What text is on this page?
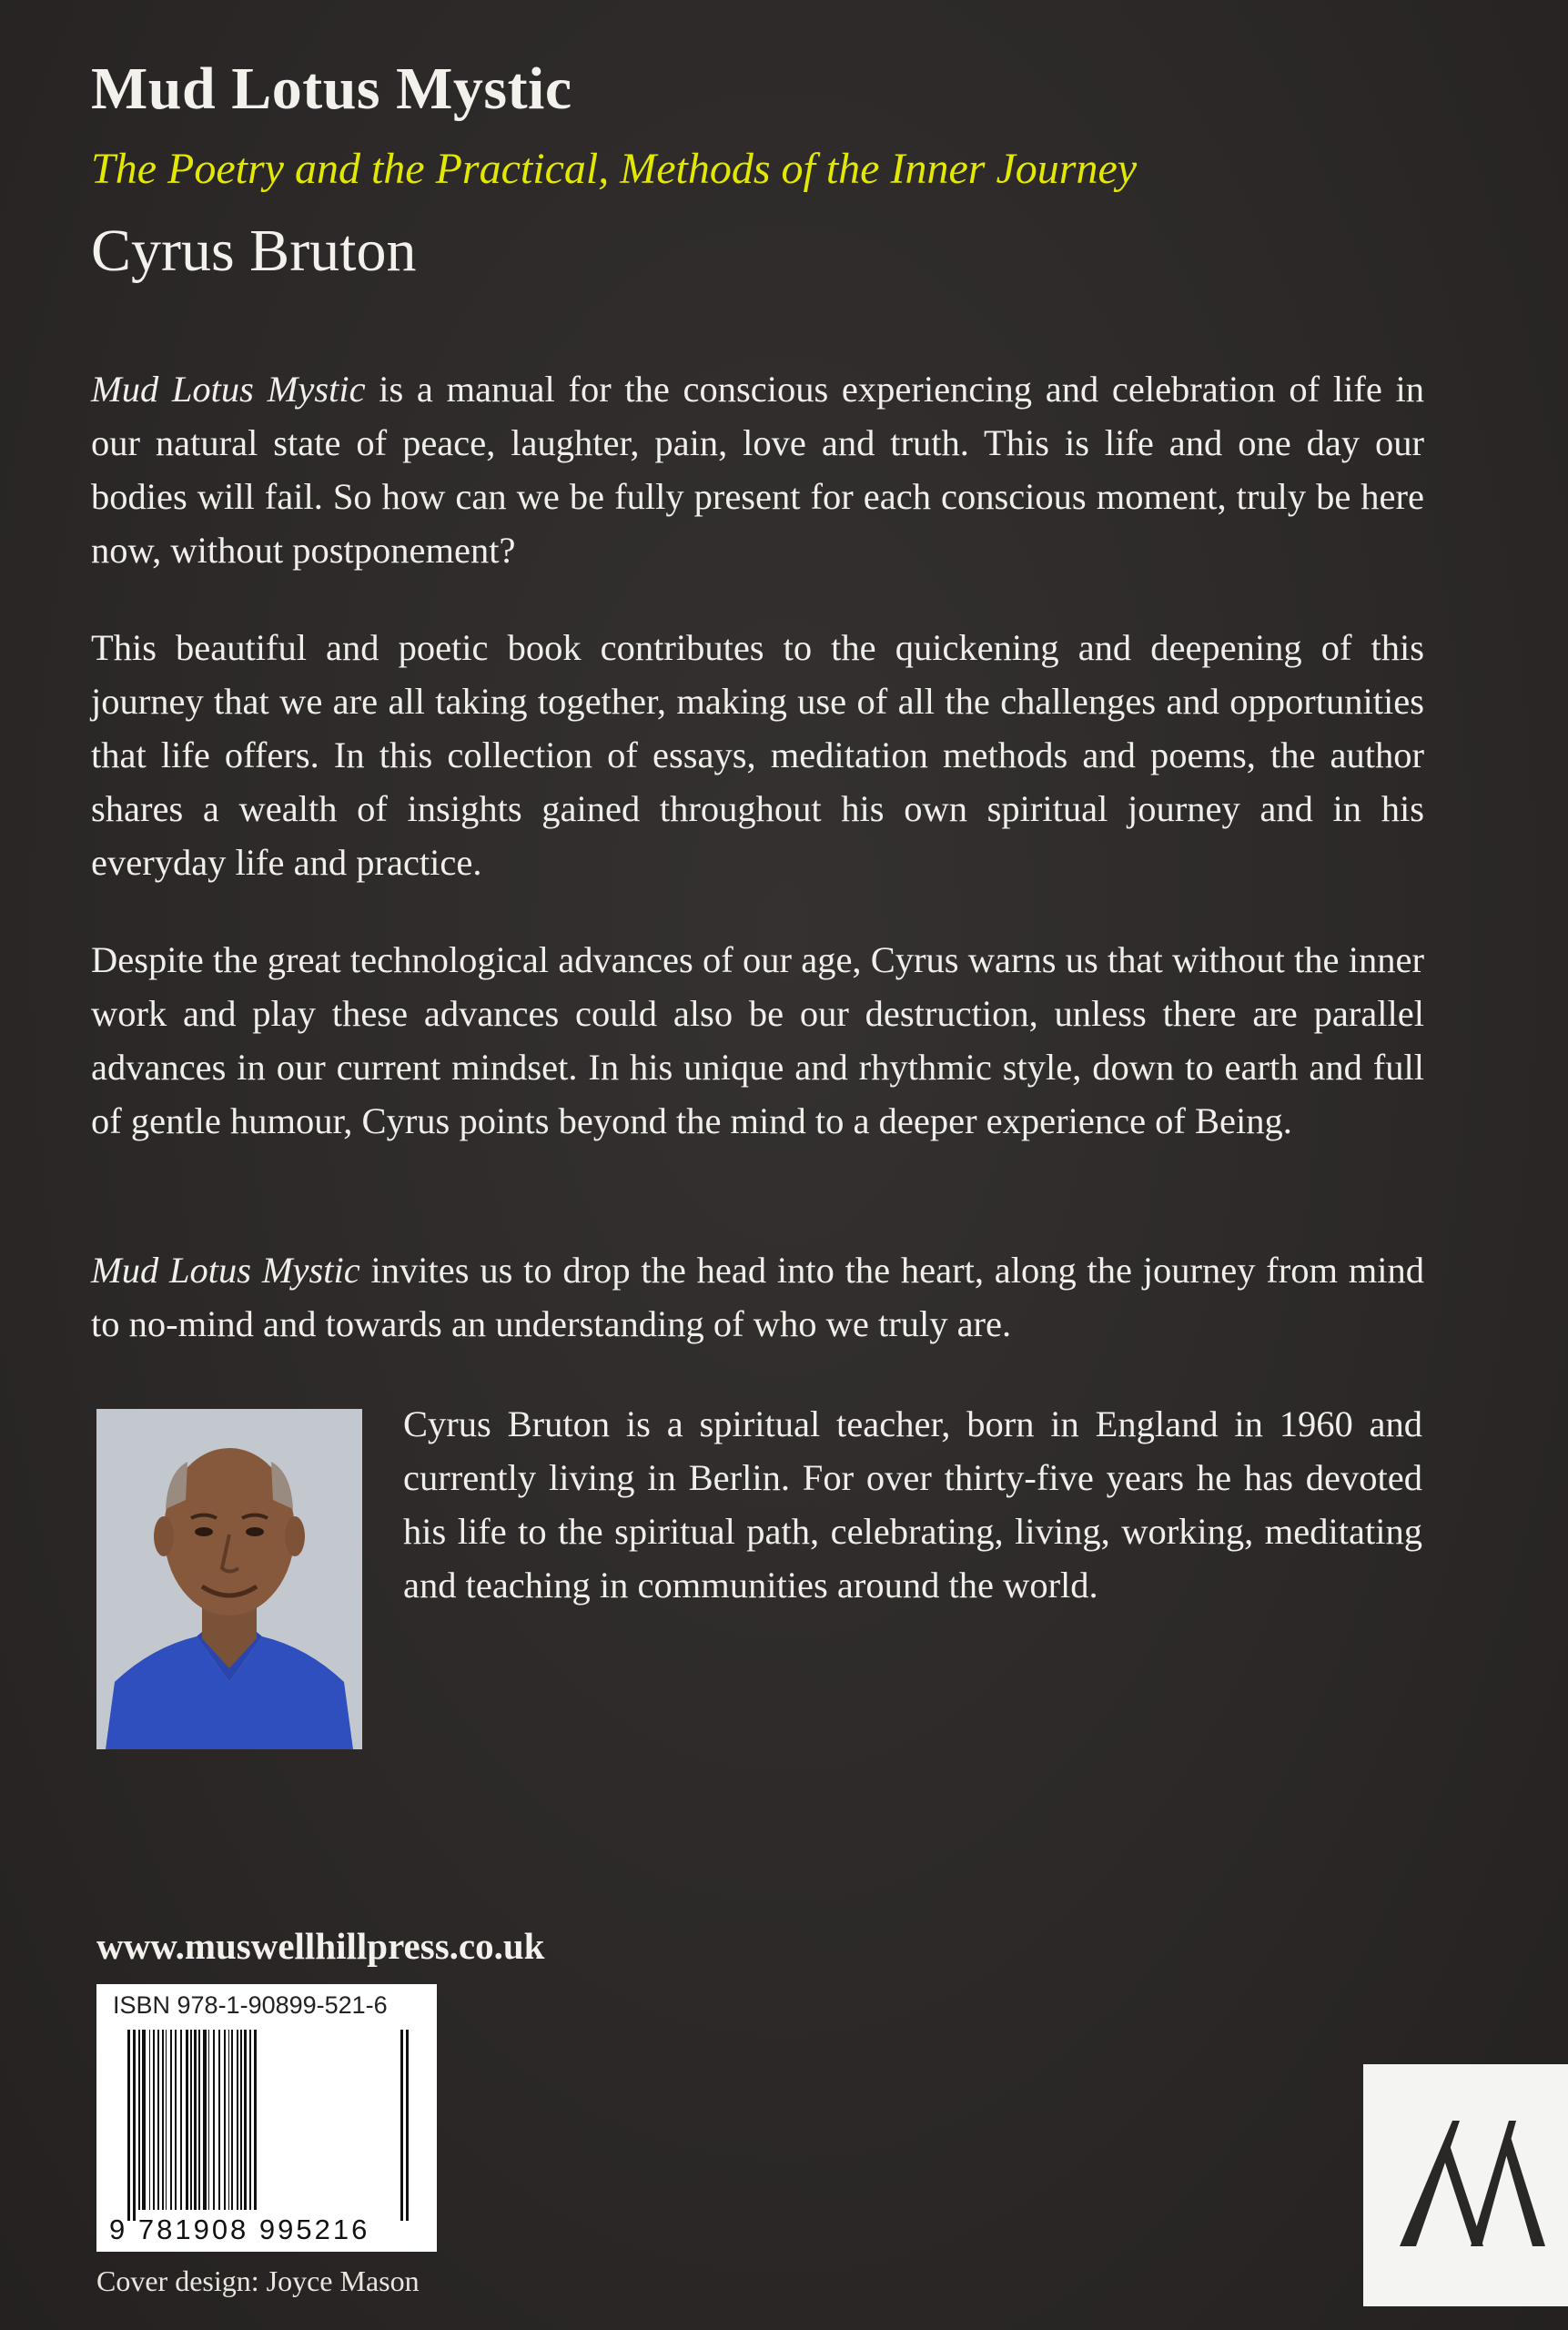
Mud Lotus Mystic
The Poetry and the Practical, Methods of the Inner Journey
Cyrus Bruton
Mud Lotus Mystic is a manual for the conscious experiencing and celebration of life in our natural state of peace, laughter, pain, love and truth. This is life and one day our bodies will fail. So how can we be fully present for each conscious moment, truly be here now, without postponement?
This beautiful and poetic book contributes to the quickening and deepening of this journey that we are all taking together, making use of all the challenges and opportunities that life offers. In this collection of essays, meditation methods and poems, the author shares a wealth of insights gained throughout his own spiritual journey and in his everyday life and practice.
Despite the great technological advances of our age, Cyrus warns us that without the inner work and play these advances could also be our destruction, unless there are parallel advances in our current mindset. In his unique and rhythmic style, down to earth and full of gentle humour, Cyrus points beyond the mind to a deeper experience of Being.
Mud Lotus Mystic invites us to drop the head into the heart, along the journey from mind to no-mind and towards an understanding of who we truly are.
Cyrus Bruton is a spiritual teacher, born in England in 1960 and currently living in Berlin. For over thirty-five years he has devoted his life to the spiritual path, celebrating, living, working, meditating and teaching in communities around the world.
www.muswellhillpress.co.uk
ISBN 978-1-90899-521-6
9 781908 995216
Cover design: Joyce Mason
